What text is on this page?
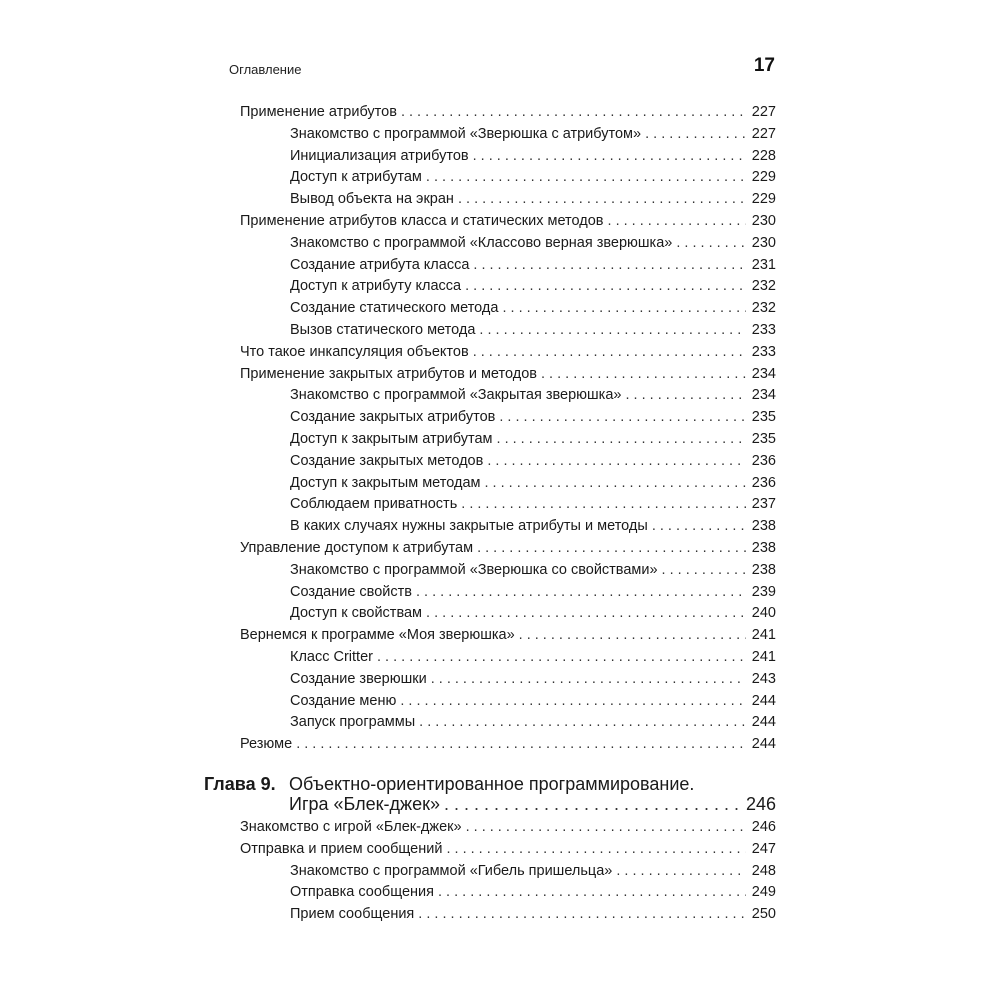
Оглавление	17
Применение атрибутов . . .	227
Знакомство с программой «Зверюшка с атрибутом» . . .	227
Инициализация атрибутов . . .	228
Доступ к атрибутам . . .	229
Вывод объекта на экран . . .	229
Применение атрибутов класса и статических методов . . .	230
Знакомство с программой «Классово верная зверюшка» . . .	230
Создание атрибута класса . . .	231
Доступ к атрибуту класса . . .	232
Создание статического метода . . .	232
Вызов статического метода . . .	233
Что такое инкапсуляция объектов . . .	233
Применение закрытых атрибутов и методов . . .	234
Знакомство с программой «Закрытая зверюшка» . . .	234
Создание закрытых атрибутов . . .	235
Доступ к закрытым атрибутам . . .	235
Создание закрытых методов . . .	236
Доступ к закрытым методам . . .	236
Соблюдаем приватность . . .	237
В каких случаях нужны закрытые атрибуты и методы . . .	238
Управление доступом к атрибутам . . .	238
Знакомство с программой «Зверюшка со свойствами» . . .	238
Создание свойств . . .	239
Доступ к свойствам . . .	240
Вернемся к программе «Моя зверюшка» . . .	241
Класс Critter . . .	241
Создание зверюшки . . .	243
Создание меню . . .	244
Запуск программы . . .	244
Резюме . . .	244
Глава 9. Объектно-ориентированное программирование.
Игра «Блек-джек» . . .	246
Знакомство с игрой «Блек-джек» . . .	246
Отправка и прием сообщений . . .	247
Знакомство с программой «Гибель пришельца» . . .	248
Отправка сообщения . . .	249
Прием сообщения . . .	250
